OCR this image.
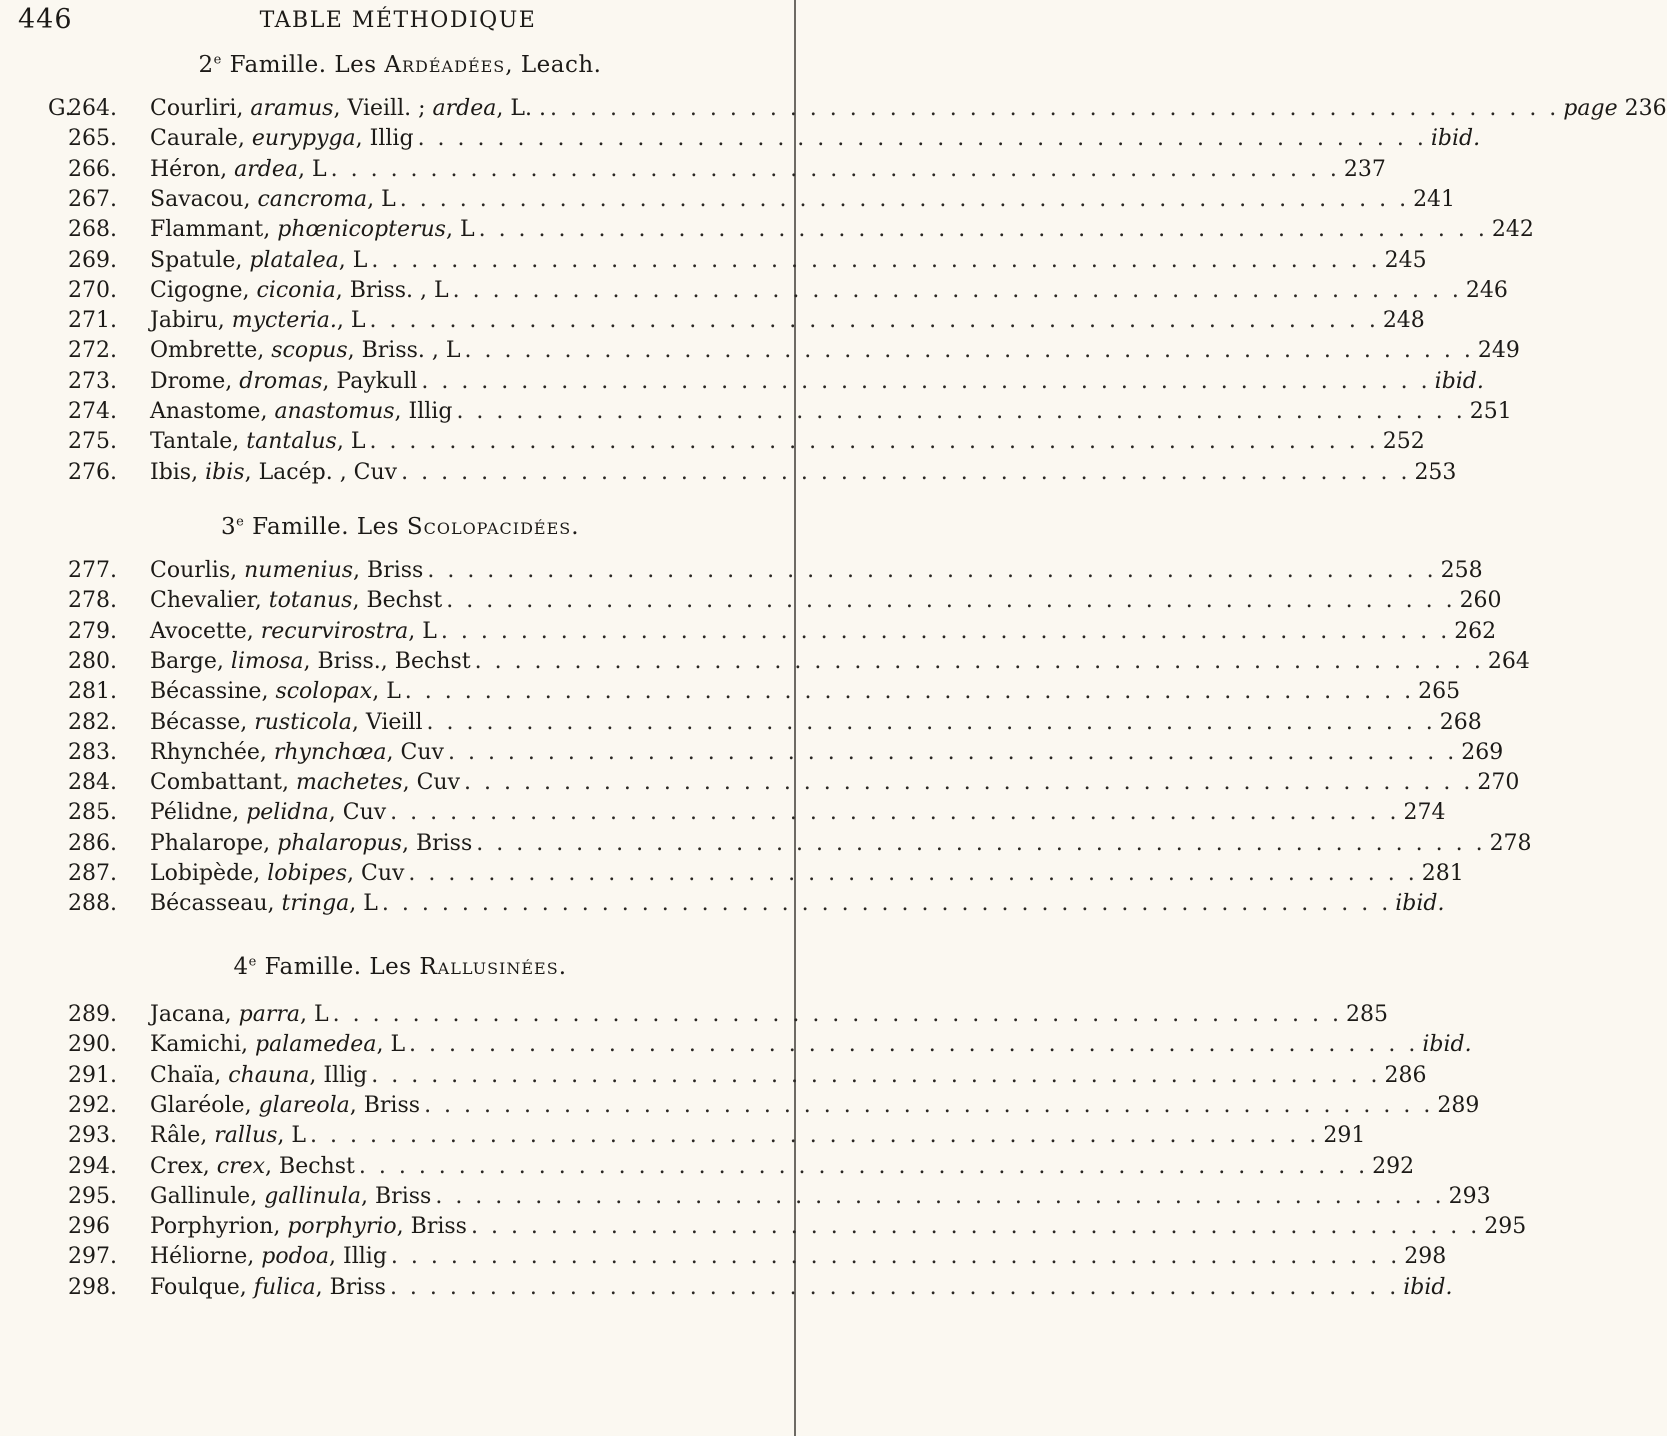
446	TABLE MÉTHODIQUE
2e Famille. Les Ardéadées, Leach.
G.
264.	Courliri, aramus, Vieill. ; ardea, L. . . . . . . . . . . . . . . . . . . . . . . . . . . . . . . . . . . . . . . . . . . . . . . . . . . . . page 236
265.	Caurale, eurypyga, Illig . . . . . . . . . . . . . . . . . . . . . . . . . . . . . . . . . . . . . . . . . . . . . . . . . . . ibid.
266.	Héron, ardea, L . . . . . . . . . . . . . . . . . . . . . . . . . . . . . . . . . . . . . . . . . . . . . . . . . . . 237
267.	Savacou, cancroma, L . . . . . . . . . . . . . . . . . . . . . . . . . . . . . . . . . . . . . . . . . . . . . . . . . . . 241
268.	Flammant, phœnicopterus, L . . . . . . . . . . . . . . . . . . . . . . . . . . . . . . . . . . . . . . . . . . . . . . . . . . . 242
269.	Spatule, platalea, L . . . . . . . . . . . . . . . . . . . . . . . . . . . . . . . . . . . . . . . . . . . . . . . . . . . 245
270.	Cigogne, ciconia, Briss. , L . . . . . . . . . . . . . . . . . . . . . . . . . . . . . . . . . . . . . . . . . . . . . . . . . . . 246
271.	Jabiru, mycteria., L . . . . . . . . . . . . . . . . . . . . . . . . . . . . . . . . . . . . . . . . . . . . . . . . . . . 248
272.	Ombrette, scopus, Briss. , L . . . . . . . . . . . . . . . . . . . . . . . . . . . . . . . . . . . . . . . . . . . . . . . . . . . 249
273.	Drome, dromas, Paykull . . . . . . . . . . . . . . . . . . . . . . . . . . . . . . . . . . . . . . . . . . . . . . . . . . . ibid.
274.	Anastome, anastomus, Illig . . . . . . . . . . . . . . . . . . . . . . . . . . . . . . . . . . . . . . . . . . . . . . . . . . . 251
275.	Tantale, tantalus, L . . . . . . . . . . . . . . . . . . . . . . . . . . . . . . . . . . . . . . . . . . . . . . . . . . . 252
276.	Ibis, ibis, Lacép. , Cuv . . . . . . . . . . . . . . . . . . . . . . . . . . . . . . . . . . . . . . . . . . . . . . . . . . . 253
3e Famille. Les Scolopacidées.
277.	Courlis, numenius, Briss . . . . . . . . . . . . . . . . . . . . . . . . . . . . . . . . . . . . . . . . . . . . . . . . . . . 258
278.	Chevalier, totanus, Bechst . . . . . . . . . . . . . . . . . . . . . . . . . . . . . . . . . . . . . . . . . . . . . . . . . . . 260
279.	Avocette, recurvirostra, L . . . . . . . . . . . . . . . . . . . . . . . . . . . . . . . . . . . . . . . . . . . . . . . . . . . 262
280.	Barge, limosa, Briss., Bechst . . . . . . . . . . . . . . . . . . . . . . . . . . . . . . . . . . . . . . . . . . . . . . . . . . . 264
281.	Bécassine, scolopax, L . . . . . . . . . . . . . . . . . . . . . . . . . . . . . . . . . . . . . . . . . . . . . . . . . . . 265
282.	Bécasse, rusticola, Vieill . . . . . . . . . . . . . . . . . . . . . . . . . . . . . . . . . . . . . . . . . . . . . . . . . . . 268
283.	Rhynchée, rhynchœa, Cuv . . . . . . . . . . . . . . . . . . . . . . . . . . . . . . . . . . . . . . . . . . . . . . . . . . . 269
284.	Combattant, machetes, Cuv . . . . . . . . . . . . . . . . . . . . . . . . . . . . . . . . . . . . . . . . . . . . . . . . . . . 270
285.	Pélidne, pelidna, Cuv . . . . . . . . . . . . . . . . . . . . . . . . . . . . . . . . . . . . . . . . . . . . . . . . . . . 274
286.	Phalarope, phalaropus, Briss . . . . . . . . . . . . . . . . . . . . . . . . . . . . . . . . . . . . . . . . . . . . . . . . . . . 278
287.	Lobipède, lobipes, Cuv . . . . . . . . . . . . . . . . . . . . . . . . . . . . . . . . . . . . . . . . . . . . . . . . . . . 281
288.	Bécasseau, tringa, L . . . . . . . . . . . . . . . . . . . . . . . . . . . . . . . . . . . . . . . . . . . . . . . . . . . ibid.
4e Famille. Les Rallusinées.
289.	Jacana, parra, L . . . . . . . . . . . . . . . . . . . . . . . . . . . . . . . . . . . . . . . . . . . . . . . . . . . 285
290.	Kamichi, palamedea, L . . . . . . . . . . . . . . . . . . . . . . . . . . . . . . . . . . . . . . . . . . . . . . . . . . . ibid.
291.	Chaïa, chauna, Illig . . . . . . . . . . . . . . . . . . . . . . . . . . . . . . . . . . . . . . . . . . . . . . . . . . . 286
292.	Glaréole, glareola, Briss . . . . . . . . . . . . . . . . . . . . . . . . . . . . . . . . . . . . . . . . . . . . . . . . . . . 289
293.	Râle, rallus, L . . . . . . . . . . . . . . . . . . . . . . . . . . . . . . . . . . . . . . . . . . . . . . . . . . . 291
294.	Crex, crex, Bechst . . . . . . . . . . . . . . . . . . . . . . . . . . . . . . . . . . . . . . . . . . . . . . . . . . . 292
295.	Gallinule, gallinula, Briss . . . . . . . . . . . . . . . . . . . . . . . . . . . . . . . . . . . . . . . . . . . . . . . . . . . 293
296	Porphyrion, porphyrio, Briss . . . . . . . . . . . . . . . . . . . . . . . . . . . . . . . . . . . . . . . . . . . . . . . . . . . 295
297.	Héliorne, podoa, Illig . . . . . . . . . . . . . . . . . . . . . . . . . . . . . . . . . . . . . . . . . . . . . . . . . . . 298
298.	Foulque, fulica, Briss . . . . . . . . . . . . . . . . . . . . . . . . . . . . . . . . . . . . . . . . . . . . . . . . . . . ibid.
